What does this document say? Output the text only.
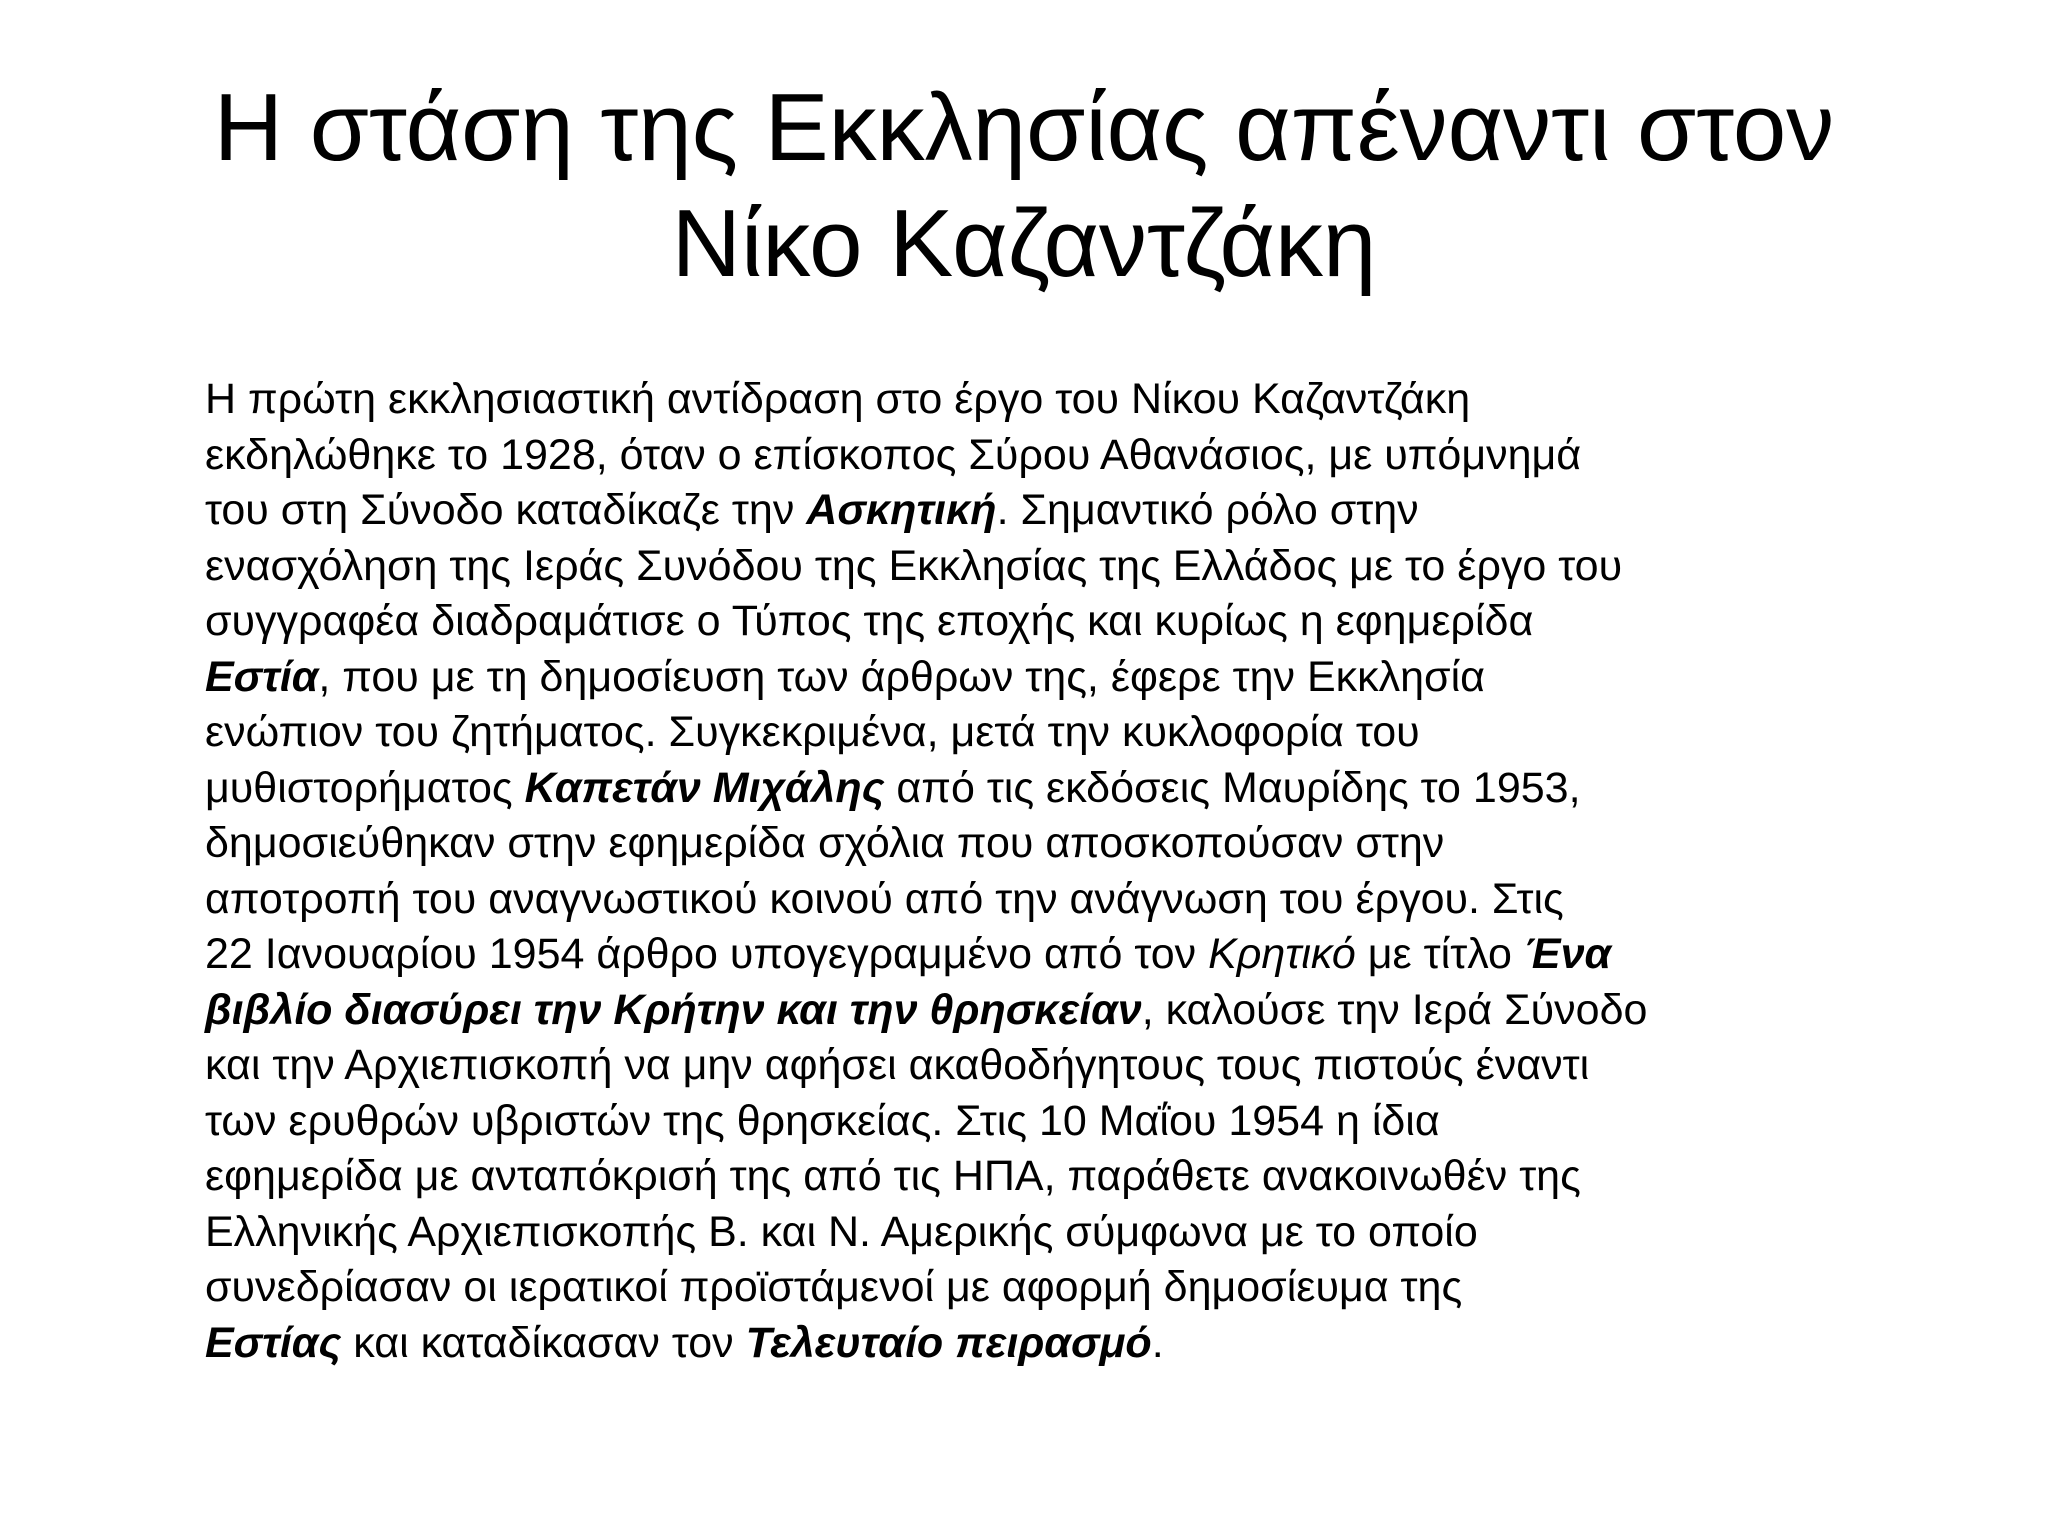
Η στάση της Εκκλησίας απέναντι στον
Νίκο Καζαντζάκη
Η πρώτη εκκλησιαστική αντίδραση στο έργο του Νίκου Καζαντζάκη
εκδηλώθηκε το 1928, όταν ο επίσκοπος Σύρου Αθανάσιος, με υπόμνημά
του στη Σύνοδο καταδίκαζε την Ασκητική. Σημαντικό ρόλο στην
ενασχόληση της Ιεράς Συνόδου της Εκκλησίας της Ελλάδος με το έργο του
συγγραφέα διαδραμάτισε ο Τύπος της εποχής και κυρίως η εφημερίδα
Εστία, που με τη δημοσίευση των άρθρων της, έφερε την Εκκλησία
ενώπιον του ζητήματος. Συγκεκριμένα, μετά την κυκλοφορία του
μυθιστορήματος Καπετάν Μιχάλης από τις εκδόσεις Μαυρίδης το 1953,
δημοσιεύθηκαν στην εφημερίδα σχόλια που αποσκοπούσαν στην
αποτροπή του αναγνωστικού κοινού από την ανάγνωση του έργου. Στις
22 Ιανουαρίου 1954 άρθρο υπογεγραμμένο από τον Κρητικό με τίτλο Ένα
βιβλίο διασύρει την Κρήτην και την θρησκείαν, καλούσε την Ιερά Σύνοδο
και την Αρχιεπισκοπή να μην αφήσει ακαθοδήγητους τους πιστούς έναντι
των ερυθρών υβριστών της θρησκείας. Στις 10 Μαΐου 1954 η ίδια
εφημερίδα με ανταπόκρισή της από τις ΗΠΑ, παράθετε ανακοινωθέν της
Ελληνικής Αρχιεπισκοπής Β. και Ν. Αμερικής σύμφωνα με το οποίο
συνεδρίασαν οι ιερατικοί προϊστάμενοί με αφορμή δημοσίευμα της
Εστίας και καταδίκασαν τον Τελευταίο πειρασμό.
